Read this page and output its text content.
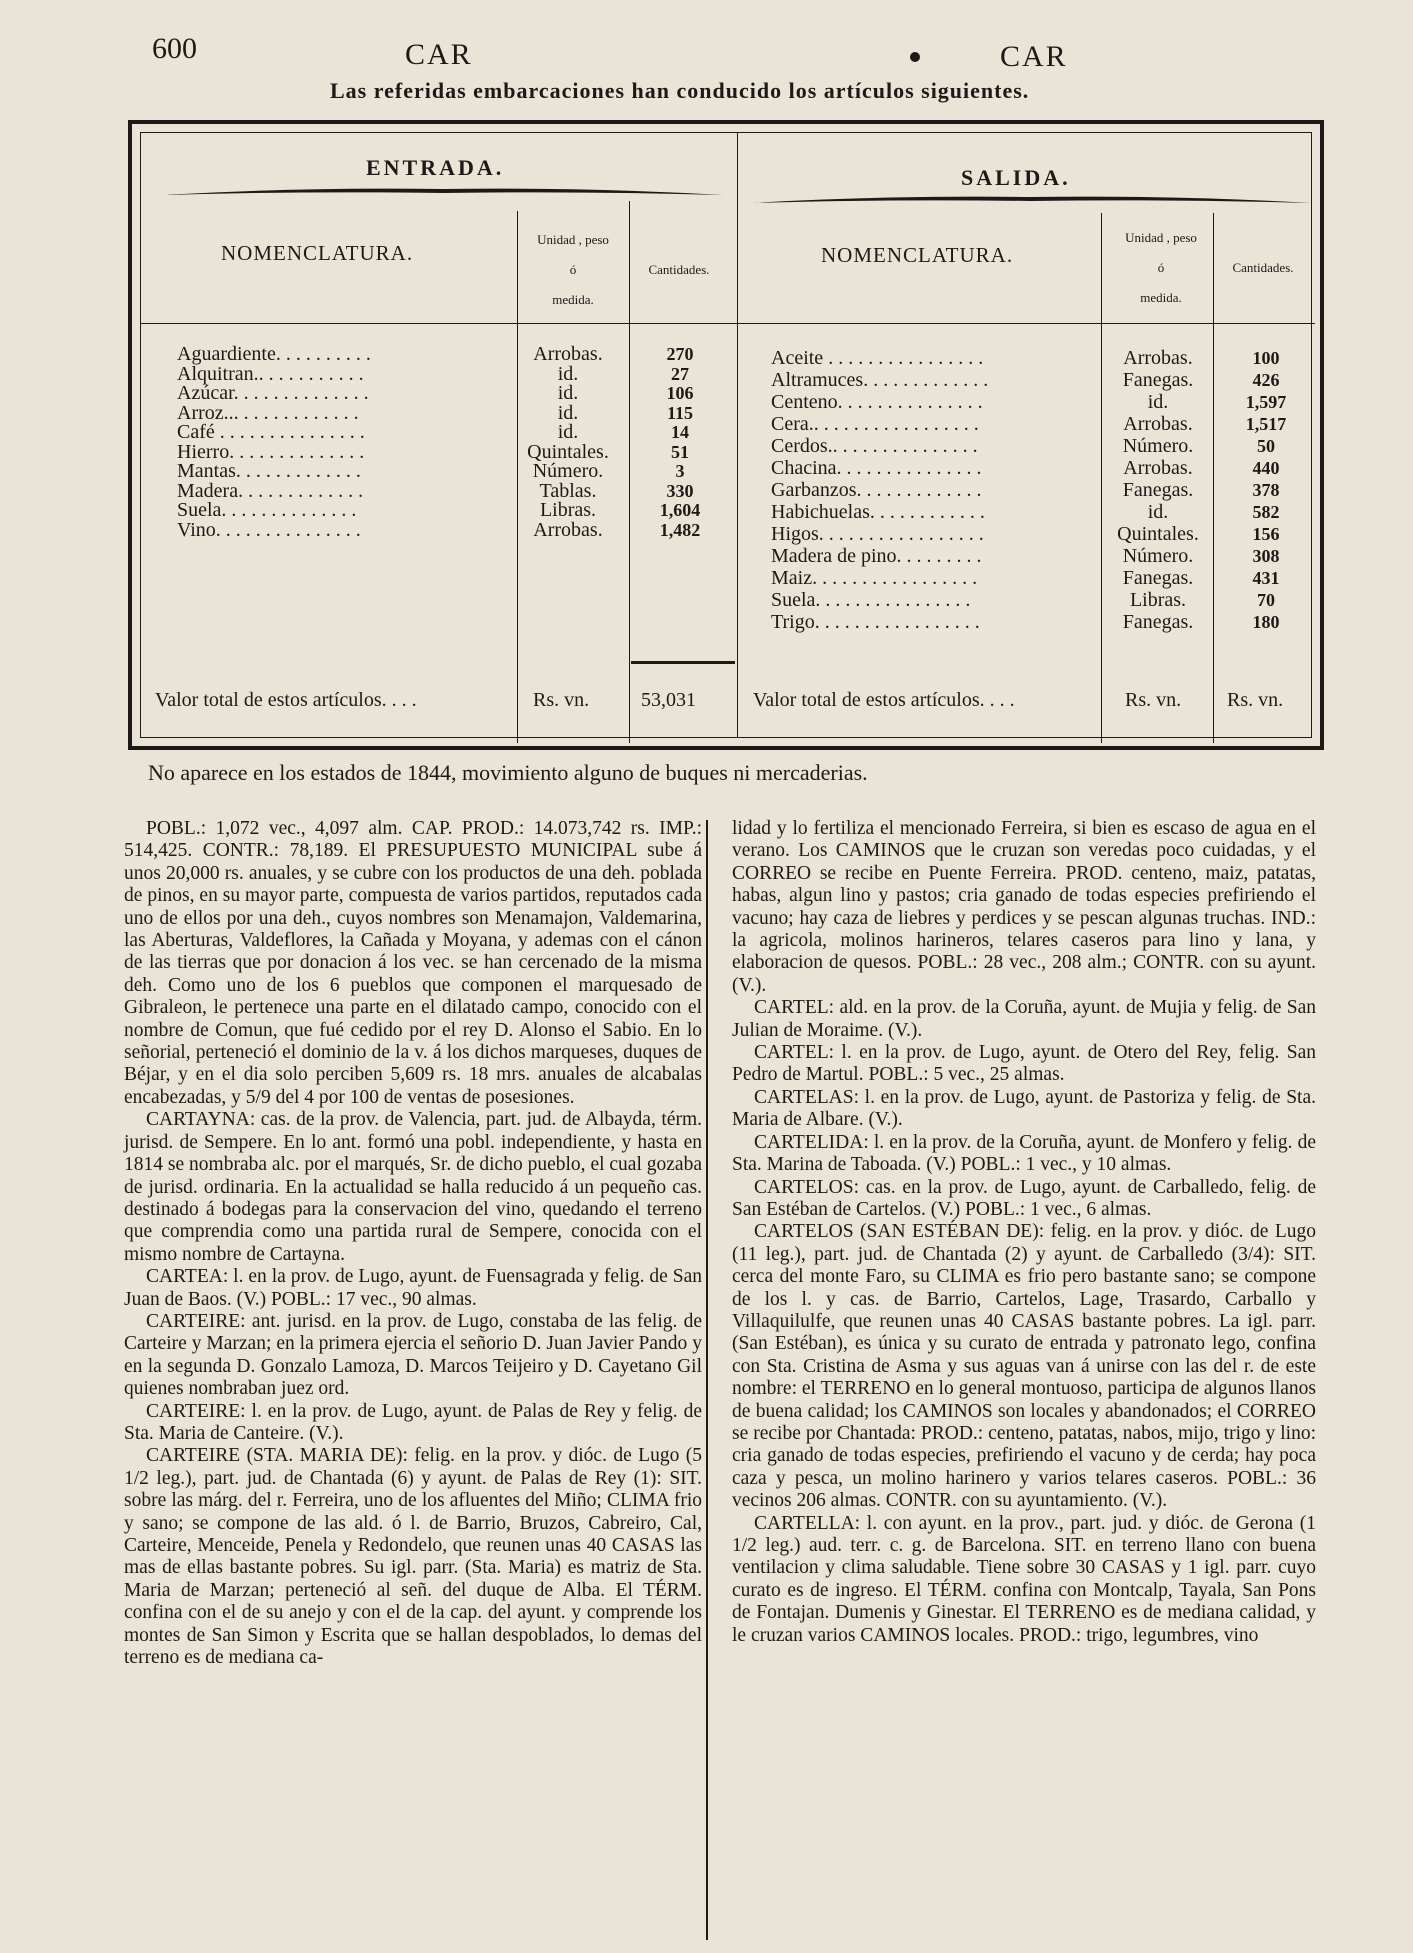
600	CAR	CAR
Las referidas embarcaciones han conducido los artículos siguientes.
ENTRADA.
NOMENCLATURA.
Unidad , peso
ó
medida.
Cantidades.
Aguardiente. . . . . . . . . .	Arrobas.	270
Alquitran.. . . . . . . . . . .	id.	27
Azúcar. . . . . . . . . . . . . .	id.	106
Arroz... . . . . . . . . . . . .	id.	115
Café . . . . . . . . . . . . . . .	id.	14
Hierro. . . . . . . . . . . . . .	Quintales.	51
Mantas. . . . . . . . . . . . .	Número.	3
Madera. . . . . . . . . . . . .	Tablas.	330
Suela. . . . . . . . . . . . . .	Libras.	1,604
Vino. . . . . . . . . . . . . . .	Arrobas.	1,482
Valor total de estos artículos. . . .	Rs. vn.	53,031
SALIDA.
NOMENCLATURA.
Unidad , peso
ó
medida.
Cantidades.
Aceite . . . . . . . . . . . . . . . .	Arrobas.	100
Altramuces. . . . . . . . . . . . .	Fanegas.	426
Centeno. . . . . . . . . . . . . . .	id.	1,597
Cera.. . . . . . . . . . . . . . . . .	Arrobas.	1,517
Cerdos.. . . . . . . . . . . . . . .	Número.	50
Chacina. . . . . . . . . . . . . . .	Arrobas.	440
Garbanzos. . . . . . . . . . . . .	Fanegas.	378
Habichuelas. . . . . . . . . . . .	id.	582
Higos. . . . . . . . . . . . . . . . .	Quintales.	156
Madera de pino. . . . . . . . .	Número.	308
Maiz. . . . . . . . . . . . . . . . .	Fanegas.	431
Suela. . . . . . . . . . . . . . . .	Libras.	70
Trigo. . . . . . . . . . . . . . . . .	Fanegas.	180
Valor total de estos artículos. . . .	Rs. vn. Rs. vn.
No aparece en los estados de 1844, movimiento alguno de buques ni mercaderias.

POBL.: 1,072 vec., 4,097 alm. CAP. PROD.: 14.073,742 rs. IMP.: 514,425. CONTR.: 78,189. El PRESUPUESTO MUNICIPAL sube á unos 20,000 rs. anuales, y se cubre con los productos de una deh. poblada de pinos, en su mayor parte, compuesta de varios partidos, reputados cada uno de ellos por una deh., cuyos nombres son Menamajon, Valdemarina, las Aberturas, Valdeflores, la Cañada y Moyana, y ademas con el cánon de las tierras que por donacion á los vec. se han cercenado de la misma deh. Como uno de los 6 pueblos que componen el marquesado de Gibraleon, le pertenece una parte en el dilatado campo, conocido con el nombre de Comun, que fué cedido por el rey D. Alonso el Sabio. En lo señorial, perteneció el dominio de la v. á los dichos marqueses, duques de Béjar, y en el dia solo perciben 5,609 rs. 18 mrs. anuales de alcabalas encabezadas, y 5/9 del 4 por 100 de ventas de posesiones.

CARTAYNA: cas. de la prov. de Valencia, part. jud. de Albayda, térm. jurisd. de Sempere. En lo ant. formó una pobl. independiente, y hasta en 1814 se nombraba alc. por el marqués, Sr. de dicho pueblo, el cual gozaba de jurisd. ordinaria. En la actualidad se halla reducido á un pequeño cas. destinado á bodegas para la conservacion del vino, quedando el terreno que comprendia como una partida rural de Sempere, conocida con el mismo nombre de Cartayna.

CARTEA: l. en la prov. de Lugo, ayunt. de Fuensagrada y felig. de San Juan de Baos. (V.) POBL.: 17 vec., 90 almas.

CARTEIRE: ant. jurisd. en la prov. de Lugo, constaba de las felig. de Carteire y Marzan; en la primera ejercia el señorio D. Juan Javier Pando y en la segunda D. Gonzalo Lamoza, D. Marcos Teijeiro y D. Cayetano Gil quienes nombraban juez ord.

CARTEIRE: l. en la prov. de Lugo, ayunt. de Palas de Rey y felig. de Sta. Maria de Canteire. (V.).

CARTEIRE (STA. MARIA DE): felig. en la prov. y dióc. de Lugo (5 1/2 leg.), part. jud. de Chantada (6) y ayunt. de Palas de Rey (1): SIT. sobre las márg. del r. Ferreira, uno de los afluentes del Miño; CLIMA frio y sano; se compone de las ald. ó l. de Barrio, Bruzos, Cabreiro, Cal, Carteire, Menceide, Penela y Redondelo, que reunen unas 40 CASAS las mas de ellas bastante pobres. Su igl. parr. (Sta. Maria) es matriz de Sta. Maria de Marzan; perteneció al señ. del duque de Alba. El TÉRM. confina con el de su anejo y con el de la cap. del ayunt. y comprende los montes de San Simon y Escrita que se hallan despoblados, lo demas del terreno es de mediana ca-

lidad y lo fertiliza el mencionado Ferreira, si bien es escaso de agua en el verano. Los CAMINOS que le cruzan son veredas poco cuidadas, y el CORREO se recibe en Puente Ferreira. PROD. centeno, maiz, patatas, habas, algun lino y pastos; cria ganado de todas especies prefiriendo el vacuno; hay caza de liebres y perdices y se pescan algunas truchas. IND.: la agricola, molinos harineros, telares caseros para lino y lana, y elaboracion de quesos. POBL.: 28 vec., 208 alm.; CONTR. con su ayunt. (V.).

CARTEL: ald. en la prov. de la Coruña, ayunt. de Mujia y felig. de San Julian de Moraime. (V.).

CARTEL: l. en la prov. de Lugo, ayunt. de Otero del Rey, felig. San Pedro de Martul. POBL.: 5 vec., 25 almas.

CARTELAS: l. en la prov. de Lugo, ayunt. de Pastoriza y felig. de Sta. Maria de Albare. (V.).

CARTELIDA: l. en la prov. de la Coruña, ayunt. de Monfero y felig. de Sta. Marina de Taboada. (V.) POBL.: 1 vec., y 10 almas.

CARTELOS: cas. en la prov. de Lugo, ayunt. de Carballedo, felig. de San Estéban de Cartelos. (V.) POBL.: 1 vec., 6 almas.

CARTELOS (SAN ESTÉBAN DE): felig. en la prov. y dióc. de Lugo (11 leg.), part. jud. de Chantada (2) y ayunt. de Carballedo (3/4): SIT. cerca del monte Faro, su CLIMA es frio pero bastante sano; se compone de los l. y cas. de Barrio, Cartelos, Lage, Trasardo, Carballo y Villaquilulfe, que reunen unas 40 CASAS bastante pobres. La igl. parr. (San Estéban), es única y su curato de entrada y patronato lego, confina con Sta. Cristina de Asma y sus aguas van á unirse con las del r. de este nombre: el TERRENO en lo general montuoso, participa de algunos llanos de buena calidad; los CAMINOS son locales y abandonados; el CORREO se recibe por Chantada: PROD.: centeno, patatas, nabos, mijo, trigo y lino: cria ganado de todas especies, prefiriendo el vacuno y de cerda; hay poca caza y pesca, un molino harinero y varios telares caseros. POBL.: 36 vecinos 206 almas. CONTR. con su ayuntamiento. (V.).

CARTELLA: l. con ayunt. en la prov., part. jud. y dióc. de Gerona (1 1/2 leg.) aud. terr. c. g. de Barcelona. SIT. en terreno llano con buena ventilacion y clima saludable. Tiene sobre 30 CASAS y 1 igl. parr. cuyo curato es de ingreso. El TÉRM. confina con Montcalp, Tayala, San Pons de Fontajan. Dumenis y Ginestar. El TERRENO es de mediana calidad, y le cruzan varios CAMINOS locales. PROD.: trigo, legumbres, vino
